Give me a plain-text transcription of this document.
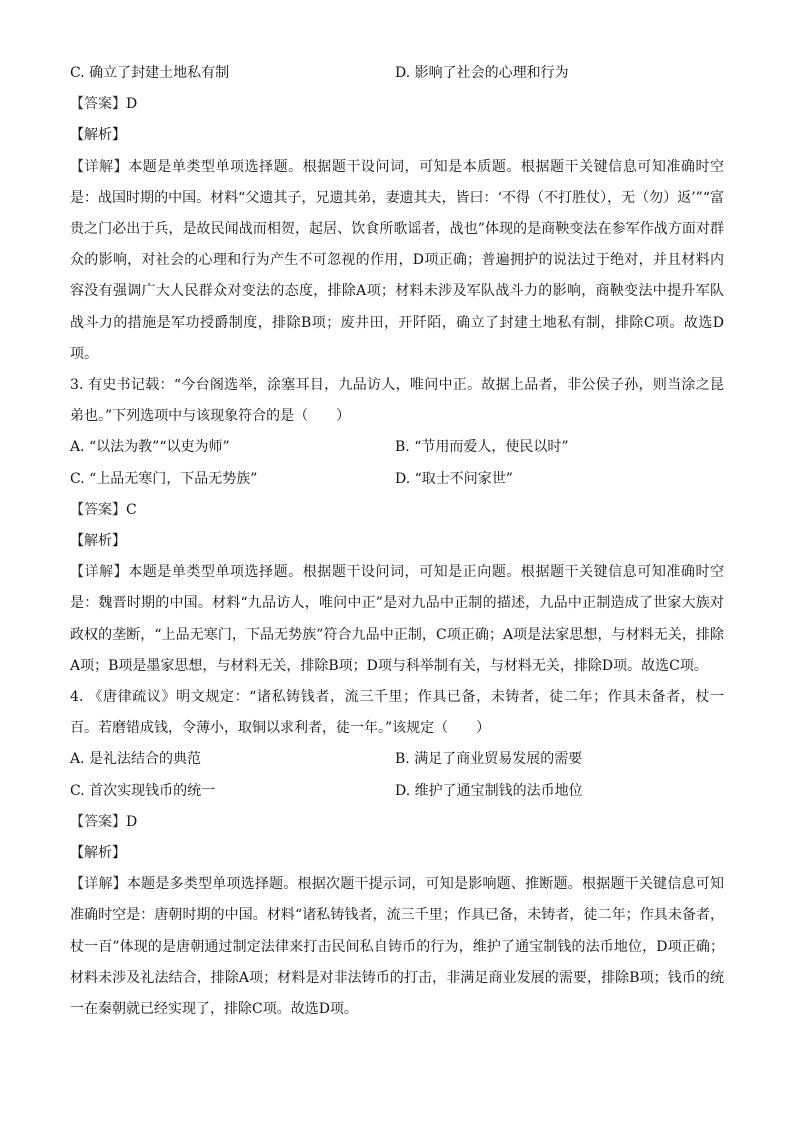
C. 确立了封建土地私有制	D. 影响了社会的心理和行为
【答案】D
【解析】
【详解】本题是单类型单项选择题。根据题干设问词，可知是本质题。根据题干关键信息可知准确时空是：战国时期的中国。材料“父遗其子，兄遗其弟，妻遗其夫，皆曰：‘不得（不打胜仗），无（勿）返’”“富贵之门必出于兵，是故民闻战而相贺，起居、饮食所歌谣者，战也”体现的是商鞅变法在参军作战方面对群众的影响，对社会的心理和行为产生不可忽视的作用，D项正确；普遍拥护的说法过于绝对，并且材料内容没有强调广大人民群众对变法的态度，排除A项；材料未涉及军队战斗力的影响，商鞅变法中提升军队战斗力的措施是军功授爵制度，排除B项；废井田，开阡陌，确立了封建土地私有制，排除C项。故选D项。
3. 有史书记载：“今台阁选举，涂塞耳目，九品访人，唯问中正。故据上品者，非公侯子孙，则当涂之昆弟也。”下列选项中与该现象符合的是（　　）
A. “以法为教”“以吏为师”	B. “节用而爱人，使民以时”
C. “上品无寒门，下品无势族”	D. “取士不问家世”
【答案】C
【解析】
【详解】本题是单类型单项选择题。根据题干设问词，可知是正向题。根据题干关键信息可知准确时空是：魏晋时期的中国。材料“九品访人，唯问中正”是对九品中正制的描述，九品中正制造成了世家大族对政权的垄断，“上品无寒门，下品无势族”符合九品中正制，C项正确；A项是法家思想，与材料无关，排除A项；B项是墨家思想，与材料无关，排除B项；D项与科举制有关，与材料无关，排除D项。故选C项。
4. 《唐律疏议》明文规定：“诸私铸钱者，流三千里；作具已备，未铸者，徒二年；作具未备者，杖一百。若磨错成钱，令薄小，取铜以求利者，徒一年。”该规定（　　）
A. 是礼法结合的典范	B. 满足了商业贸易发展的需要
C. 首次实现钱币的统一	D. 维护了通宝制钱的法币地位
【答案】D
【解析】
【详解】本题是多类型单项选择题。根据次题干提示词，可知是影响题、推断题。根据题干关键信息可知准确时空是：唐朝时期的中国。材料“诸私铸钱者，流三千里；作具已备，未铸者，徒二年；作具未备者，杖一百”体现的是唐朝通过制定法律来打击民间私自铸币的行为，维护了通宝制钱的法币地位，D项正确；材料未涉及礼法结合，排除A项；材料是对非法铸币的打击，非满足商业发展的需要，排除B项；钱币的统一在秦朝就已经实现了，排除C项。故选D项。
